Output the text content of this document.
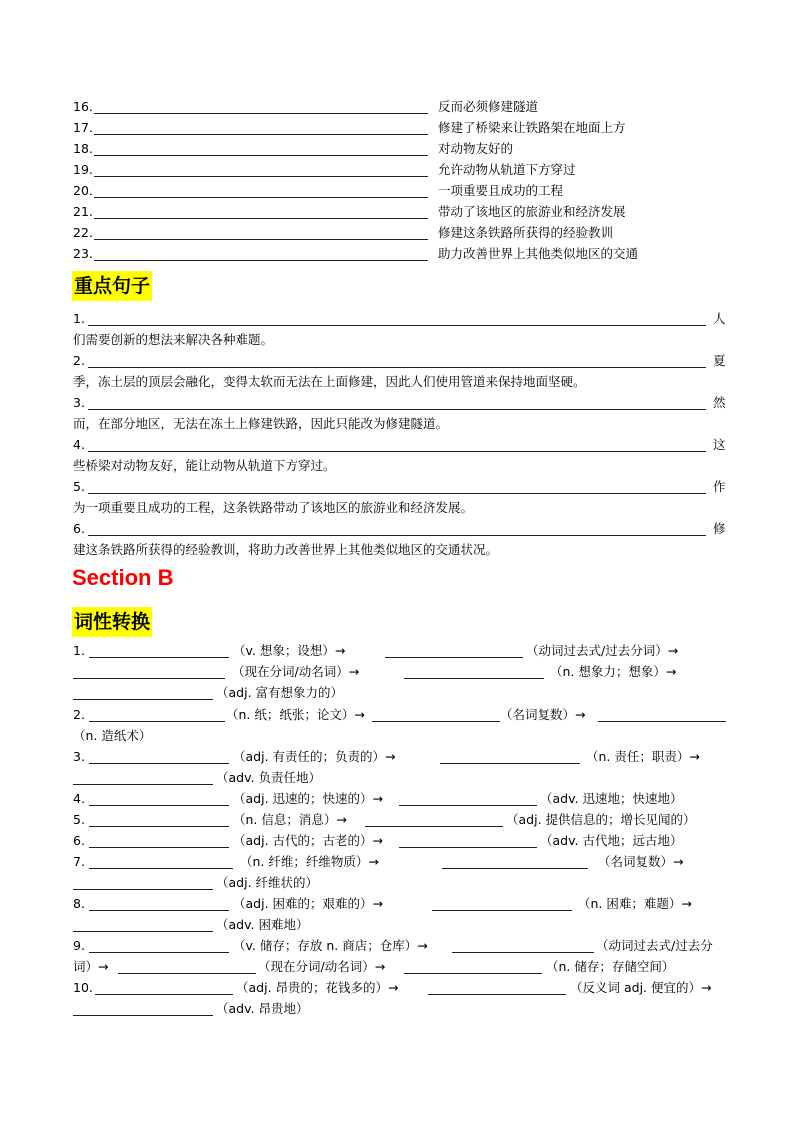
16.	反而必须修建隧道
17.	修建了桥梁来让铁路架在地面上方
18.	对动物友好的
19.	允许动物从轨道下方穿过
20.	一项重要且成功的工程
21.	带动了该地区的旅游业和经济发展
22.	修建这条铁路所获得的经验教训
23.	助力改善世界上其他类似地区的交通
重点句子
1.	人
们需要创新的想法来解决各种难题。
2.	夏
季，冻土层的顶层会融化，变得太软而无法在上面修建，因此人们使用管道来保持地面坚硬。
3.	然
而，在部分地区，无法在冻土上修建铁路，因此只能改为修建隧道。
4.	这
些桥梁对动物友好，能让动物从轨道下方穿过。
5.	作
为一项重要且成功的工程，这条铁路带动了该地区的旅游业和经济发展。
6.	修
建这条铁路所获得的经验教训，将助力改善世界上其他类似地区的交通状况。
Section B
词性转换
1.	（v. 想象；设想）→	（动词过去式/过去分词）→
（现在分词/动名词）→	（n. 想象力；想象）→
（adj. 富有想象力的）
2.	（n. 纸；纸张；论文）→	（名词复数）→
（n. 造纸术）
3.	（adj. 有责任的；负责的）→	（n. 责任；职责）→
（adv. 负责任地）
4.	（adj. 迅速的；快速的）→	（adv. 迅速地；快速地）
5.	（n. 信息；消息）→	（adj. 提供信息的；增长见闻的）
6.	（adj. 古代的；古老的）→	（adv. 古代地；远古地）
7.	（n. 纤维；纤维物质）→	（名词复数）→
（adj. 纤维状的）
8.	（adj. 困难的；艰难的）→	（n. 困难；难题）→
（adv. 困难地）
9.	（v. 储存；存放 n. 商店；仓库）→	（动词过去式/过去分
词）→	（现在分词/动名词）→	（n. 储存；存储空间）
10.	（adj. 昂贵的；花钱多的）→	（反义词 adj. 便宜的）→
（adv. 昂贵地）
